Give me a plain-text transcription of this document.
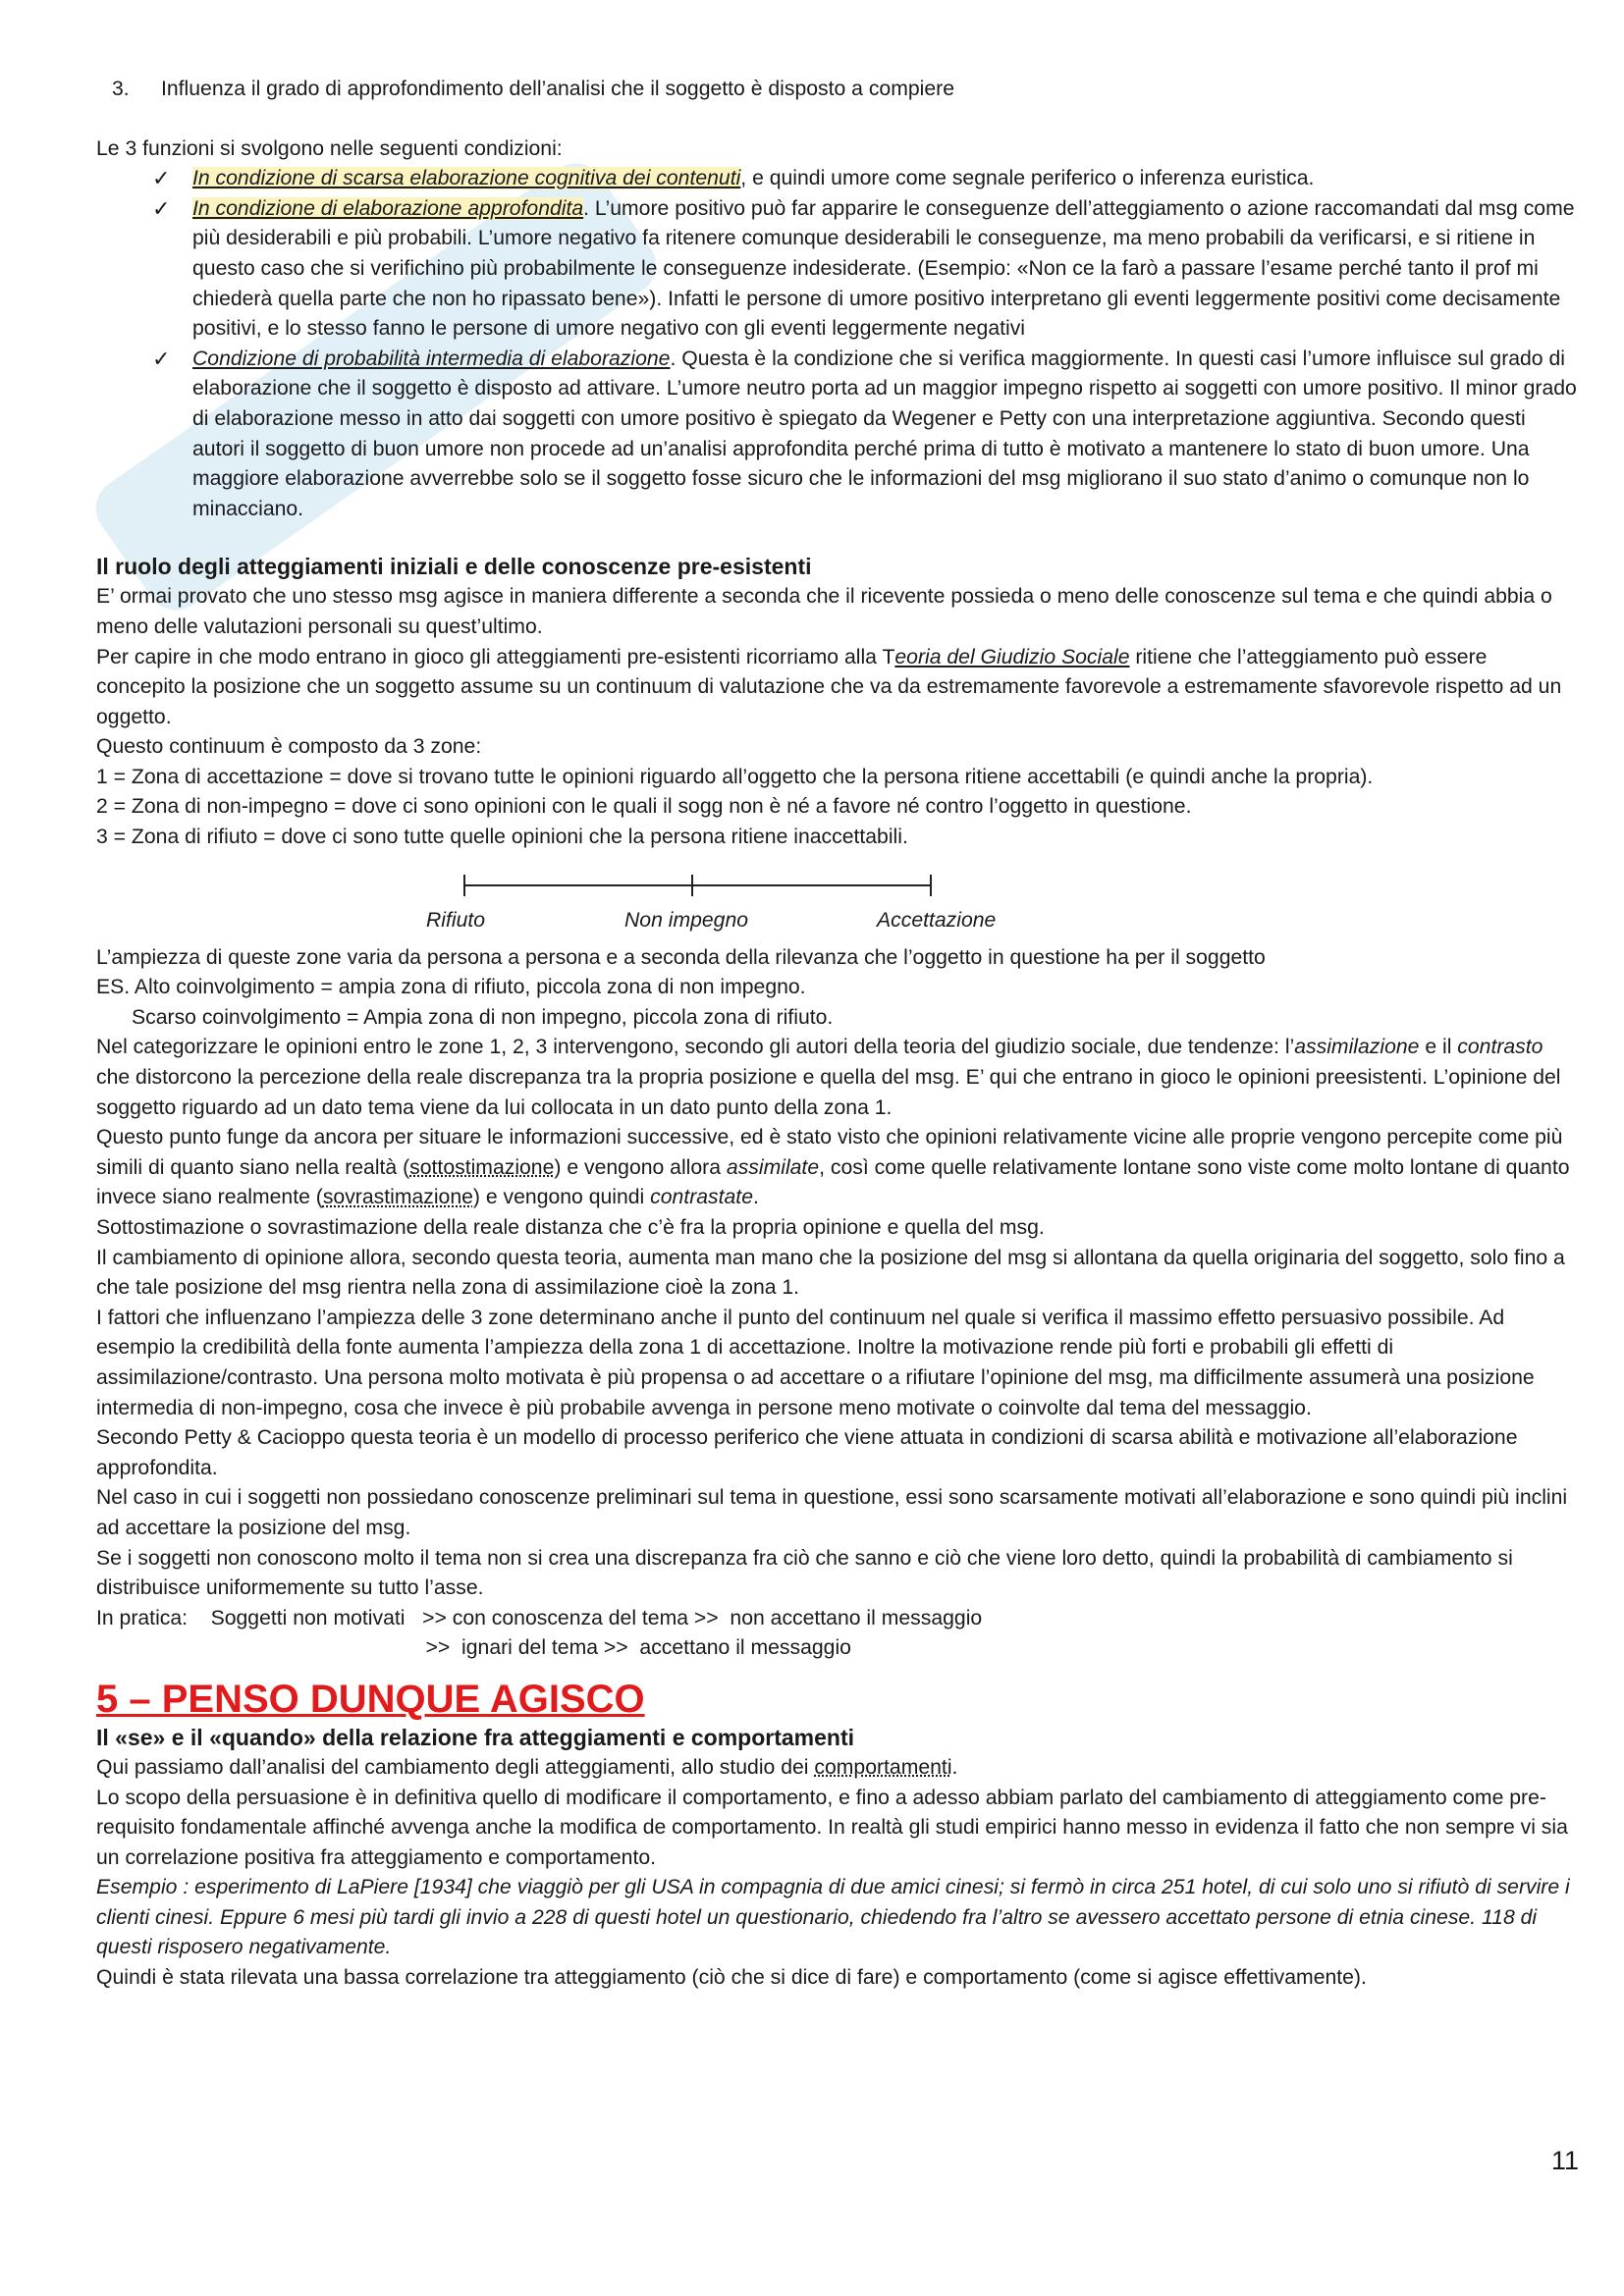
3. Influenza il grado di approfondimento dell’analisi che il soggetto è disposto a compiere

Le 3 funzioni si svolgono nelle seguenti condizioni:

✓ In condizione di scarsa elaborazione cognitiva dei contenuti, e quindi umore come segnale periferico o inferenza euristica.
✓ In condizione di elaborazione approfondita. L’umore positivo può far apparire le conseguenze dell’atteggiamento o azione raccomandati dal msg come più desiderabili e più probabili. L’umore negativo fa ritenere comunque desiderabili le conseguenze, ma meno probabili da verificarsi, e si ritiene in questo caso che si verifichino più probabilmente le conseguenze indesiderate. (Esempio: «Non ce la farò a passare l’esame perché tanto il prof mi chiederà quella parte che non ho ripassato bene»). Infatti le persone di umore positivo interpretano gli eventi leggermente positivi come decisamente positivi, e lo stesso fanno le persone di umore negativo con gli eventi leggermente negativi
✓ Condizione di probabilità intermedia di elaborazione. Questa è la condizione che si verifica maggiormente. In questi casi l’umore influisce sul grado di elaborazione che il soggetto è disposto ad attivare. L’umore neutro porta ad un maggior impegno rispetto ai soggetti con umore positivo. Il minor grado di elaborazione messo in atto dai soggetti con umore positivo è spiegato da Wegener e Petty con una interpretazione aggiuntiva. Secondo questi autori il soggetto di buon umore non procede ad un’analisi approfondita perché prima di tutto è motivato a mantenere lo stato di buon umore. Una maggiore elaborazione avverrebbe solo se il soggetto fosse sicuro che le informazioni del msg migliorano il suo stato d’animo o comunque non lo minacciano.
Il ruolo degli atteggiamenti iniziali e delle conoscenze pre-esistenti

E’ ormai provato che uno stesso msg agisce in maniera differente a seconda che il ricevente possieda o meno delle conoscenze sul tema e che quindi abbia o meno delle valutazioni personali su quest’ultimo.

Per capire in che modo entrano in gioco gli atteggiamenti pre-esistenti ricorriamo alla Teoria del Giudizio Sociale ritiene che l’atteggiamento può essere concepito la posizione che un soggetto assume su un continuum di valutazione che va da estremamente favorevole a estremamente sfavorevole rispetto ad un oggetto.

Questo continuum è composto da 3 zone:

1 = Zona di accettazione = dove si trovano tutte le opinioni riguardo all’oggetto che la persona ritiene accettabili (e quindi anche la propria).

2 = Zona di non-impegno = dove ci sono opinioni con le quali il sogg non è né a favore né contro l’oggetto in questione.

3 = Zona di rifiuto = dove ci sono tutte quelle opinioni che la persona ritiene inaccettabili.

Rifiuto	Non impegno	Accettazione

L’ampiezza di queste zone varia da persona a persona e a seconda della rilevanza che l’oggetto in questione ha per il soggetto

ES. Alto coinvolgimento = ampia zona di rifiuto, piccola zona di non impegno.

Scarso coinvolgimento = Ampia zona di non impegno, piccola zona di rifiuto.

Nel categorizzare le opinioni entro le zone 1, 2, 3 intervengono, secondo gli autori della teoria del giudizio sociale, due tendenze: l’assimilazione e il contrasto che distorcono la percezione della reale discrepanza tra la propria posizione e quella del msg. E’ qui che entrano in gioco le opinioni preesistenti. L’opinione del soggetto riguardo ad un dato tema viene da lui collocata in un dato punto della zona 1.

Questo punto funge da ancora per situare le informazioni successive, ed è stato visto che opinioni relativamente vicine alle proprie vengono percepite come più simili di quanto siano nella realtà (sottostimazione) e vengono allora assimilate, così come quelle relativamente lontane sono viste come molto lontane di quanto invece siano realmente (sovrastimazione) e vengono quindi contrastate.

Sottostimazione o sovrastimazione della reale distanza che c’è fra la propria opinione e quella del msg.

Il cambiamento di opinione allora, secondo questa teoria, aumenta man mano che la posizione del msg si allontana da quella originaria del soggetto, solo fino a che tale posizione del msg rientra nella zona di assimilazione cioè la zona 1.

I fattori che influenzano l’ampiezza delle 3 zone determinano anche il punto del continuum nel quale si verifica il massimo effetto persuasivo possibile. Ad esempio la credibilità della fonte aumenta l’ampiezza della zona 1 di accettazione. Inoltre la motivazione rende più forti e probabili gli effetti di assimilazione/contrasto. Una persona molto motivata è più propensa o ad accettare o a rifiutare l’opinione del msg, ma difficilmente assumerà una posizione intermedia di non-impegno, cosa che invece è più probabile avvenga in persone meno motivate o coinvolte dal tema del messaggio.

Secondo Petty & Cacioppo questa teoria è un modello di processo periferico che viene attuata in condizioni di scarsa abilità e motivazione all’elaborazione approfondita.

Nel caso in cui i soggetti non possiedano conoscenze preliminari sul tema in questione, essi sono scarsamente motivati all’elaborazione e sono quindi più inclini ad accettare la posizione del msg.

Se i soggetti non conoscono molto il tema non si crea una discrepanza fra ciò che sanno e ciò che viene loro detto, quindi la probabilità di cambiamento si distribuisce uniformemente su tutto l’asse.

In pratica:    Soggetti non motivati   >> con conoscenza del tema >>  non accettano il messaggio

>>  ignari del tema >>  accettano il messaggio

5 – PENSO DUNQUE AGISCO
Il «se» e il «quando» della relazione fra atteggiamenti e comportamenti

Qui passiamo dall’analisi del cambiamento degli atteggiamenti, allo studio dei comportamenti.

Lo scopo della persuasione è in definitiva quello di modificare il comportamento, e fino a adesso abbiam parlato del cambiamento di atteggiamento come pre-requisito fondamentale affinché avvenga anche la modifica de comportamento. In realtà gli studi empirici hanno messo in evidenza il fatto che non sempre vi sia un correlazione positiva fra atteggiamento e comportamento.

Esempio : esperimento di LaPiere [1934] che viaggiò per gli USA in compagnia di due amici cinesi; si fermò in circa 251 hotel, di cui solo uno si rifiutò di servire i clienti cinesi. Eppure 6 mesi più tardi gli invio a 228 di questi hotel un questionario, chiedendo fra l’altro se avessero accettato persone di etnia cinese. 118 di questi risposero negativamente.

Quindi è stata rilevata una bassa correlazione tra atteggiamento (ciò che si dice di fare) e comportamento (come si agisce effettivamente).

11
